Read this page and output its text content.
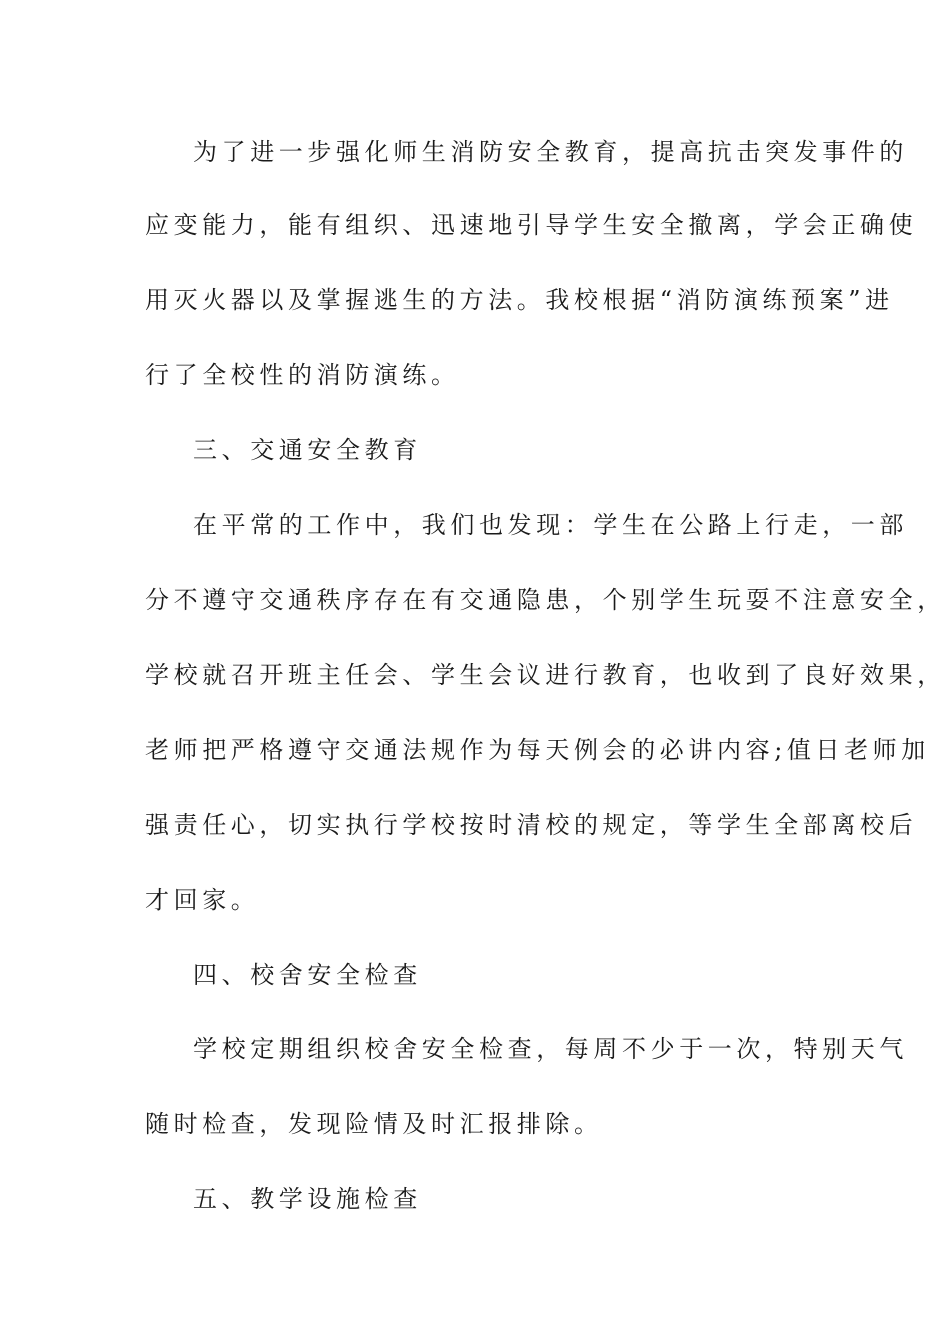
为了进一步强化师生消防安全教育，提高抗击突发事件的
应变能力，能有组织、迅速地引导学生安全撤离，学会正确使
用灭火器以及掌握逃生的方法。我校根据“消防演练预案”进
行了全校性的消防演练。
三、交通安全教育
在平常的工作中，我们也发现：学生在公路上行走，一部
分不遵守交通秩序存在有交通隐患，个别学生玩耍不注意安全，
学校就召开班主任会、学生会议进行教育，也收到了良好效果，
老师把严格遵守交通法规作为每天例会的必讲内容;值日老师加
强责任心，切实执行学校按时清校的规定，等学生全部离校后
才回家。
四、校舍安全检查
学校定期组织校舍安全检查，每周不少于一次，特别天气
随时检查，发现险情及时汇报排除。
五、教学设施检查
